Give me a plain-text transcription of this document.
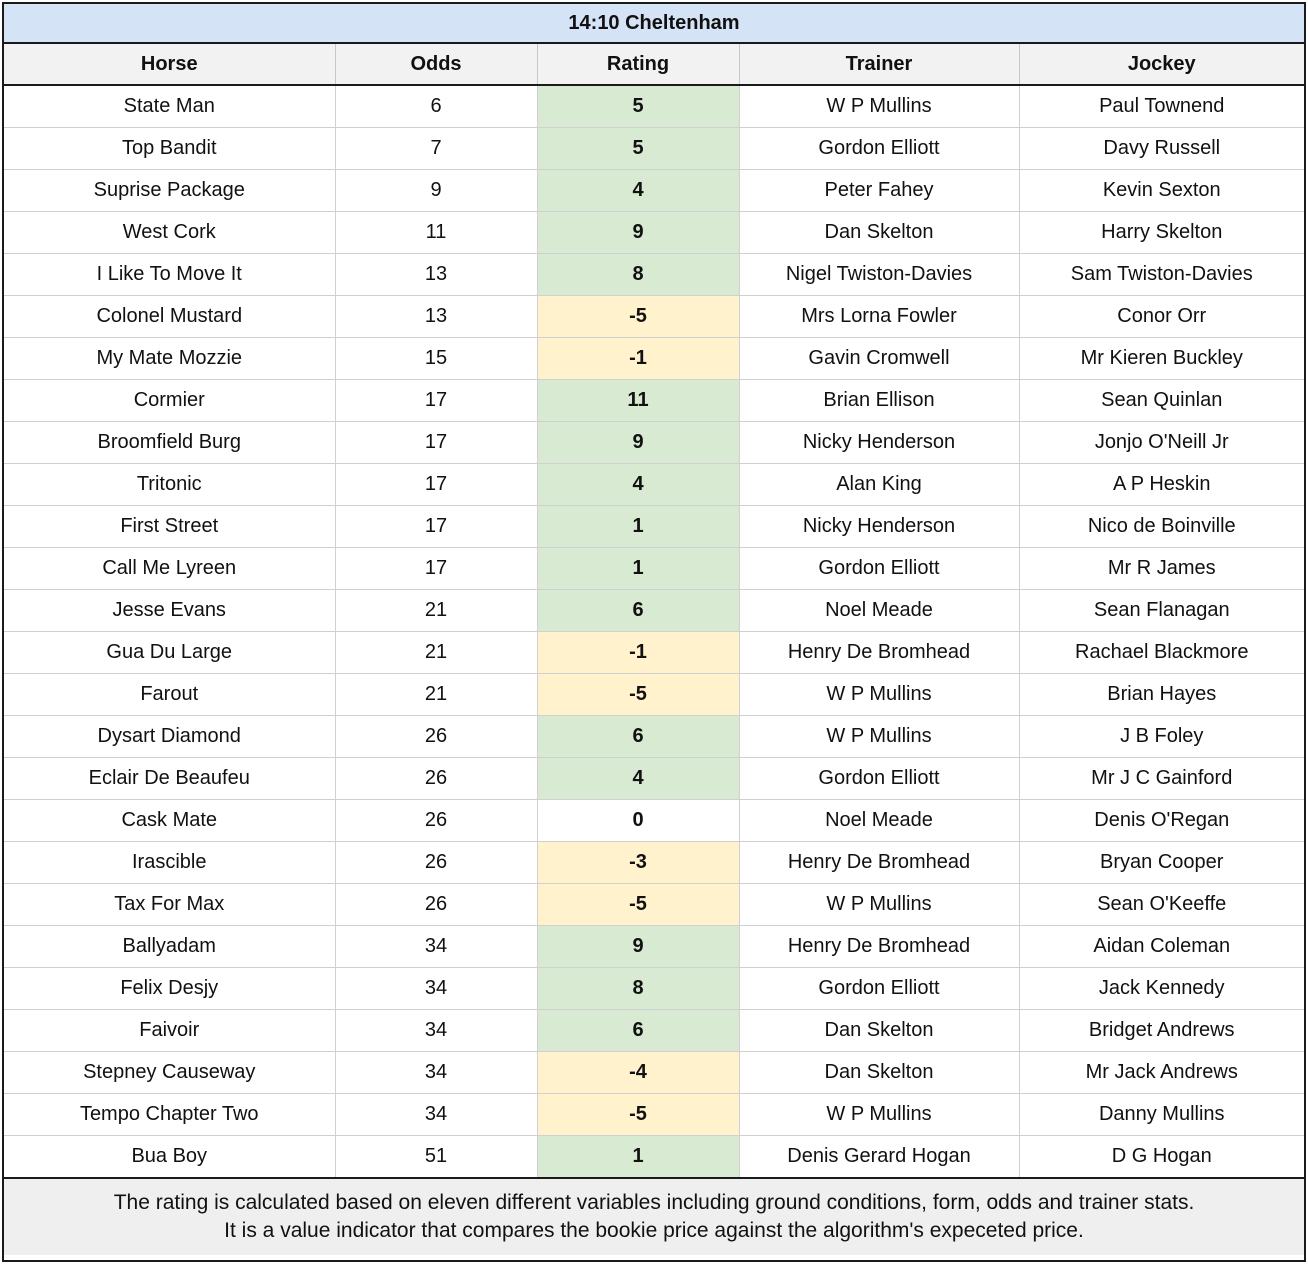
14:10 Cheltenham
Horse	Odds	Rating	Trainer	Jockey
State Man	6	5	W P Mullins	Paul Townend
Top Bandit	7	5	Gordon Elliott	Davy Russell
Suprise Package	9	4	Peter Fahey	Kevin Sexton
West Cork	11	9	Dan Skelton	Harry Skelton
I Like To Move It	13	8	Nigel Twiston-Davies	Sam Twiston-Davies
Colonel Mustard	13	-5	Mrs Lorna Fowler	Conor Orr
My Mate Mozzie	15	-1	Gavin Cromwell	Mr Kieren Buckley
Cormier	17	11	Brian Ellison	Sean Quinlan
Broomfield Burg	17	9	Nicky Henderson	Jonjo O'Neill Jr
Tritonic	17	4	Alan King	A P Heskin
First Street	17	1	Nicky Henderson	Nico de Boinville
Call Me Lyreen	17	1	Gordon Elliott	Mr R James
Jesse Evans	21	6	Noel Meade	Sean Flanagan
Gua Du Large	21	-1	Henry De Bromhead	Rachael Blackmore
Farout	21	-5	W P Mullins	Brian Hayes
Dysart Diamond	26	6	W P Mullins	J B Foley
Eclair De Beaufeu	26	4	Gordon Elliott	Mr J C Gainford
Cask Mate	26	0	Noel Meade	Denis O'Regan
Irascible	26	-3	Henry De Bromhead	Bryan Cooper
Tax For Max	26	-5	W P Mullins	Sean O'Keeffe
Ballyadam	34	9	Henry De Bromhead	Aidan Coleman
Felix Desjy	34	8	Gordon Elliott	Jack Kennedy
Faivoir	34	6	Dan Skelton	Bridget Andrews
Stepney Causeway	34	-4	Dan Skelton	Mr Jack Andrews
Tempo Chapter Two	34	-5	W P Mullins	Danny Mullins
Bua Boy	51	1	Denis Gerard Hogan	D G Hogan
The rating is calculated based on eleven different variables including ground conditions, form, odds and trainer stats.
It is a value indicator that compares the bookie price against the algorithm's expeceted price.
